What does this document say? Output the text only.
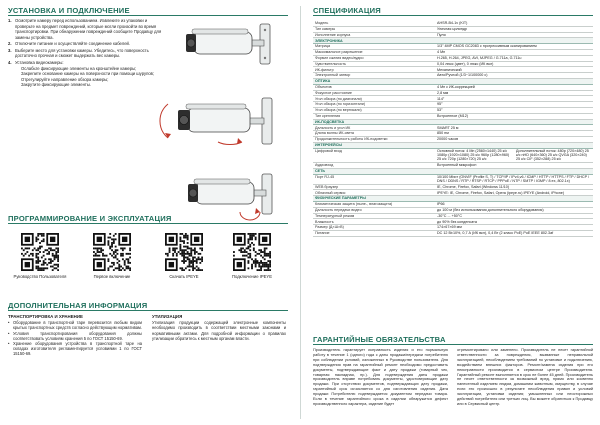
УСТАНОВКА И ПОДКЛЮЧЕНИЕ
1. Осмотрите камеру перед использованием. Извлеките из упаковки и проверьте на предмет повреждений, которые могли произойти во время транспортировки. При обнаружении повреждений сообщите Продавцу для замены устройства.
2. Отключите питание и осуществляйте соединение кабелей.
3. Выберите место для установки камеры. Убедитесь, что поверхность достаточно прочная и сможет выдержать вес камеры.
4. Установка видеокамеры:
Ослабьте фиксирующие элементы на кронштейне камеры;
Закрепите основание камеры на поверхности при помощи шурупов;
Отрегулируйте направление обзора камеры;
Закрутите фиксирующие элементы.
ПРОГРАММИРОВАНИЕ И ЭКСПЛУАТАЦИЯ
Руководство Пользователя	Первое включение	Скачать IPEYE	Подключение IPEYE
ДОПОЛНИТЕЛЬНАЯ ИНФОРМАЦИЯ
ТРАНСПОРТИРОВКА И ХРАНЕНИЕ
• Оборудование в транспортной таре перевозится любым видом крытых транспортных средств согласно действующим нормативам.
• Условия транспортирования оборудования должны соответствовать условиям хранения 5 по ГОСТ 15150-69.
• Хранение оборудования устройства в транспортной таре на складах изготовителя регламентируется условиями 1 по ГОСТ 15150-69.
УТИЛИЗАЦИЯ
Утилизация продукции содержащей электронные компоненты необходимо производить в соответствии местными законами и нормативными актами. Для подробной информации о правилах утилизации обратитесь к местным органам власти.
СПЕЦИФИКАЦИЯ
Модель	AHSR-B4-1v (KIT)
Тип камеры	Уличная цилиндр
Исполнение корпуса	Пуля
ЭЛЕКТРОНИКА	
Матрица	1/3" 4MP CMOS GC2083 с прогрессивным сканированием
Максимальное разрешение	4 Мп
Формат сжатия видео/аудио	H.265, H.264, JPEG, AVI, MJPEG / G.711a, G.711u
Чувствительность	0,04 люкс (цвет), 0 люкс (ИК вкл)
ИК-фильтр	Механический
Электронный затвор	Авто/Ручной (1/3~1/100000 с)
ОПТИКА	
Объектив	4 Мп с ИК-коррекцией
Фокусное расстояние	2,8 мм
Угол обзора (по диагонали)	114°
Угол обзора (по горизонтали)	95°
Угол обзора (по вертикали)	53°
Тип крепления	Встроенное (M12)
ИК-ПОДСВЕТКА	
Дальность и угол ИК	SMART 25 м
Длина волны ИК-света	850 нм
Продолжительность работы ИК-подсветки	20000 часов
ИНТЕРФЕЙСЫ	
Цифровой вход	Основной поток: 4 Мп (2560×1440) 25 к/с 1080р (1920×1080) 25 к/с 960р (1280×960) 25 к/с 720р (1280×720) 25 к/с
Дополнительный поток: 480р (720×480) 25 к/с nHD (640×360) 25 к/с QVGA (320×240) 25 к/с CIF (352×288) 25 к/с

Аудиовход	Встроенный микрофон
СЕТЬ	
Порт RJ-45	10/100 Mbит (ONVIF (Profile S, T) / TCP/IP / IPv4,v6 / ICMP / HTTP / HTTPS / FTP / DHCP / DNS / DDNS / RTP / RTSP / RTCP / PPPoE / NTP / SMTP / IGMP / 8 ex, 802.1x)
WEB браузер	IE, Chrome, Firefox, Safari (Windows 11/10)
Облачный сервис	IPEYE: IE, Chrome, Firefox, Safari, Opera (ipeye.ru) IPEYE (Android, iPhone)
ФИЗИЧЕСКИЕ ПАРАМЕТРЫ	
Климатическая защита (пыле-, влагозащита)	IP66
Дальность передачи видео	до 100 м (без использования дополнительного оборудования)
Температурный режим	-30°C ... +50°C
Влажность	до 90% без конденсата
Размер (Д×Ш×В)	174×67×69 мм
Питание	DC 12 В±10%, 0,7 А (ИК вкл), 0,4 Вт (2 класс PoE) PoE IEEE 802.3af
ГАРАНТИЙНЫЕ ОБЯЗАТЕЛЬСТВА
Производитель гарантирует исправность изделия и его нормальную работу в течение 1 (одного) года с даты продажи/передачи потребителю при соблюдении условий, изложенных в Руководстве пользователя. Для подтверждения прав на гарантийный ремонт необходимо предоставить документы, подтверждающие факт и дату продажи (товарный чек, товарная накладная, пр.). Для подтверждения даты продажи производитель вправе потребовать документы, удостоверяющие дату продажи. При отсутствии документов, подтверждающих дату продажи, гарантийный срок исчисляется со дня изготовления изделия. Дата продажи Потребителю подтверждается документом передачи товара. Если в течение гарантийного срока в изделии обнаружится дефект производственного характера, изделие будет
отремонтировано или заменено. Производитель не несет гарантийной ответственности за повреждения, вызванные неправильной эксплуатацией, несоблюдением требований по установке и подключению, воздействием внешних факторов. Ремонт/замена изделия при его неисправности производится в сервисном центре Производителя. Гарантийный ремонт выполняется в срок не более 45 дней. Производитель не несет ответственности за возможный вред, прямо или косвенно нанесенный изделием людям, домашним животным, имуществу, в случае если это произошло в результате несоблюдения правил и условий эксплуатации, установки изделия; умышленных или неосторожных действий потребителя или третьих лиц. Вы можете обратиться к Продавцу или в Сервисный центр.
